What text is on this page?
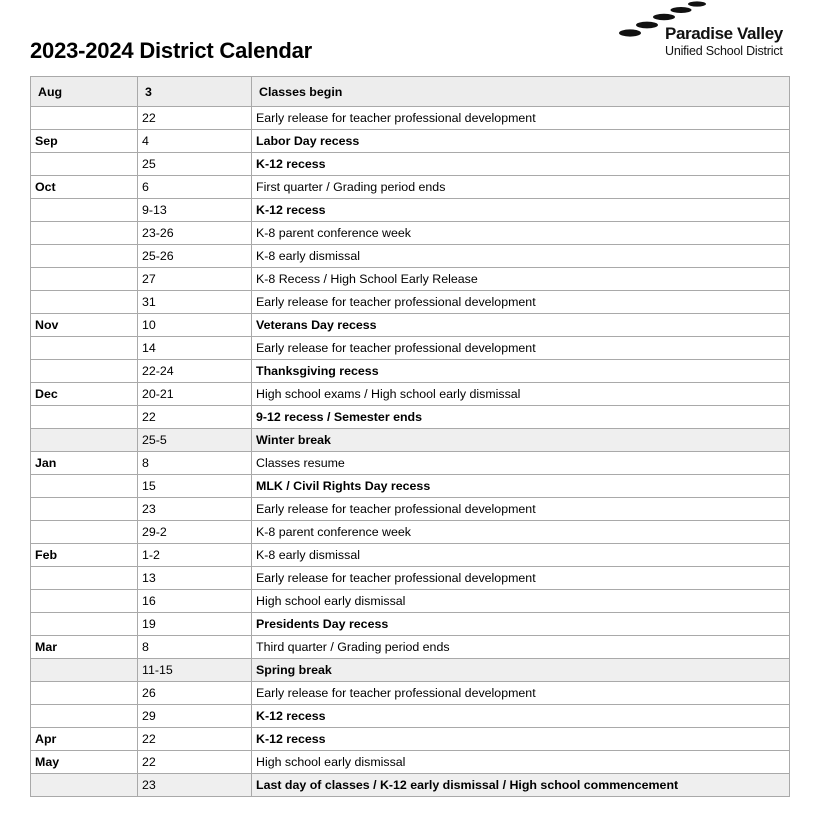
2023-2024 District Calendar
Paradise Valley
Unified School District
Aug	3	Classes begin
	22	Early release for teacher professional development
Sep	4	Labor Day recess
	25	K-12 recess
Oct	6	First quarter / Grading period ends
	9-13	K-12 recess
	23-26	K-8 parent conference week
	25-26	K-8 early dismissal
	27	K-8 Recess / High School Early Release
	31	Early release for teacher professional development
Nov	10	Veterans Day recess
	14	Early release for teacher professional development
	22-24	Thanksgiving recess
Dec	20-21	High school exams / High school early dismissal
	22	9-12 recess / Semester ends
	25-5	Winter break
Jan	8	Classes resume
	15	MLK / Civil Rights Day recess
	23	Early release for teacher professional development
	29-2	K-8 parent conference week
Feb	1-2	K-8 early dismissal
	13	Early release for teacher professional development
	16	High school early dismissal
	19	Presidents Day recess
Mar	8	Third quarter / Grading period ends
	11-15	Spring break
	26	Early release for teacher professional development
	29	K-12 recess
Apr	22	K-12 recess
May	22	High school early dismissal
	23	Last day of classes / K-12 early dismissal / High school commencement
